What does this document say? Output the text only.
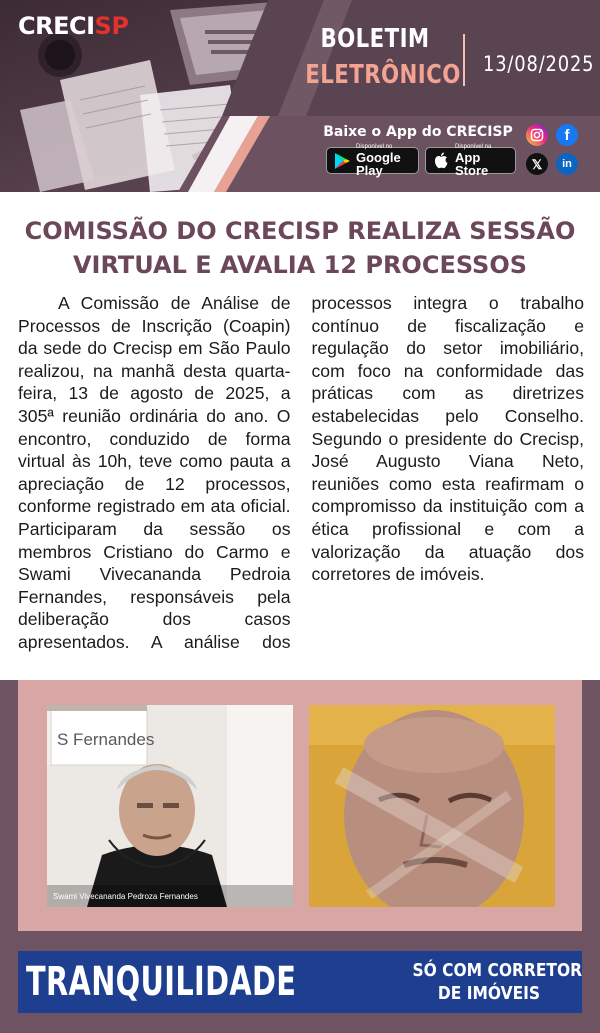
CRECISP	BOLETIM
ELETRÔNICO 13/08/2025
Baixe o App do CRECISP
Disponível no
Google Play
Disponível na
App Store
f
𝕏	in
COMISSÃO DO CRECISP REALIZA SESSÃO
VIRTUAL E AVALIA 12 PROCESSOS

A Comissão de Análise de Processos de Inscrição (Coapin) da sede do Crecisp em São Paulo realizou, na manhã desta quarta-feira, 13 de agosto de 2025, a 305ª reunião ordinária do ano. O encontro, conduzido de forma virtual às 10h, teve como pauta a apreciação de 12 processos, conforme registrado em ata oficial. Participaram da sessão os membros Cristiano do Carmo e Swami Vivecananda Pedroia Fernandes, responsáveis pela deliberação dos casos apresentados. A análise dos processos integra o trabalho contínuo de fiscalização e regulação do setor imobiliário, com foco na conformidade das práticas com as diretrizes estabelecidas pelo Conselho. Segundo o presidente do Crecisp, José Augusto Viana Neto, reuniões como esta reafirmam o compromisso da instituição com a ética profissional e com a valorização da atuação dos corretores de imóveis.

S Fernandes
Swami Vivecananda Pedroza Fernandes
TRANQUILIDADE	SÓ COM CORRETOR
DE IMÓVEIS
